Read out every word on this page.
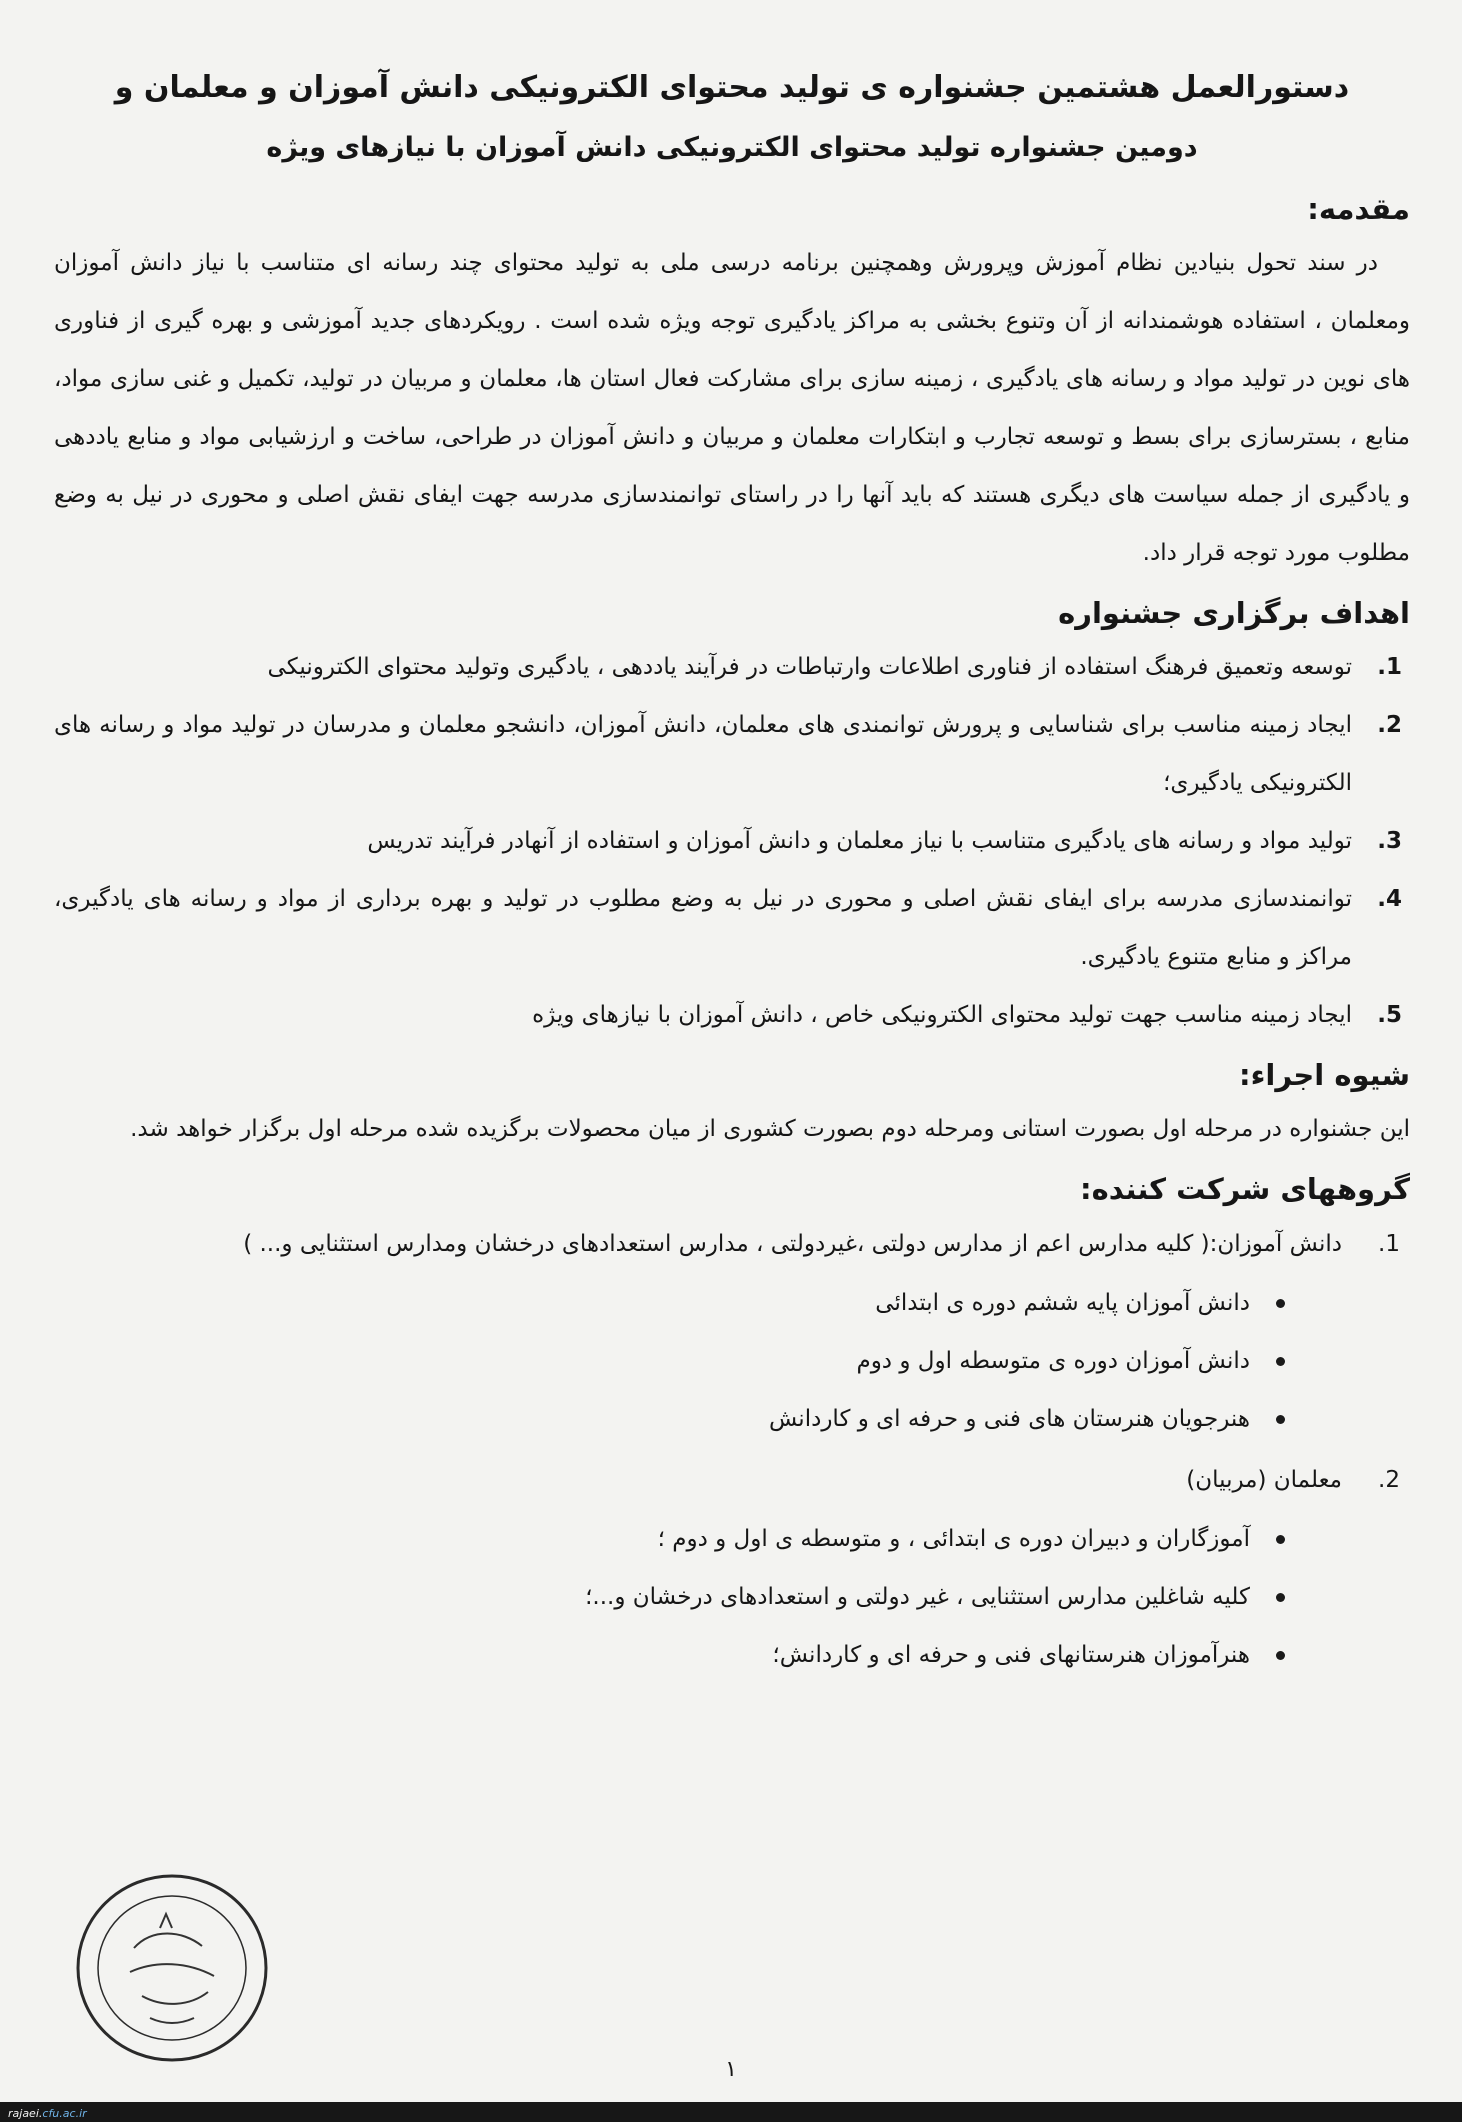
دستورالعمل هشتمین جشنواره ی تولید محتوای الکترونیکی دانش آموزان و معلمان و
دومین جشنواره تولید محتوای الکترونیکی دانش آموزان با نیازهای ویژه
مقدمه:

در سند تحول بنیادین نظام آموزش وپرورش وهمچنین برنامه درسی ملی به تولید محتوای چند رسانه ای متناسب با نیاز دانش آموزان ومعلمان ، استفاده هوشمندانه از آن وتنوع بخشی به مراکز یادگیری توجه ویژه شده است . رویکردهای جدید آموزشی و بهره گیری از فناوری های نوین در تولید مواد و رسانه های یادگیری ، زمینه سازی برای مشارکت فعال استان ها، معلمان و مربیان در تولید، تکمیل و غنی سازی مواد، منابع ، بسترسازی برای بسط و توسعه تجارب و ابتکارات معلمان و مربیان و دانش آموزان در طراحی، ساخت و ارزشیابی مواد و منابع یاددهی و یادگیری از جمله سیاست های دیگری هستند که باید آنها را در راستای توانمندسازی مدرسه جهت ایفای نقش اصلی و محوری در نیل به وضع مطلوب مورد توجه قرار داد.

اهداف برگزاری جشنواره
1.
توسعه وتعمیق فرهنگ استفاده از فناوری اطلاعات وارتباطات در فرآیند یاددهی ، یادگیری وتولید محتوای الکترونیکی
2.
ایجاد زمینه مناسب برای شناسایی و پرورش توانمندی های معلمان، دانش آموزان، دانشجو معلمان و مدرسان در تولید مواد و رسانه های الکترونیکی یادگیری؛
3.
تولید مواد و رسانه های یادگیری متناسب با نیاز معلمان و دانش آموزان و استفاده از آنهادر فرآیند تدریس
4.
توانمندسازی مدرسه برای ایفای نقش اصلی و محوری در نیل به وضع مطلوب در تولید و بهره برداری از مواد و رسانه های یادگیری، مراکز و منابع متنوع یادگیری.
5.
ایجاد زمینه مناسب جهت تولید محتوای الکترونیکی خاص ، دانش آموزان با نیازهای ویژه
شیوه اجراء:

این جشنواره در مرحله اول بصورت استانی ومرحله دوم بصورت کشوری از میان محصولات برگزیده شده مرحله اول برگزار خواهد شد.

گروههای شرکت کننده:
1.
دانش آموزان:( کلیه مدارس اعم از مدارس دولتی ،غیردولتی ، مدارس استعدادهای درخشان ومدارس استثنایی و... )
دانش آموزان پایه ششم دوره ی ابتدائی
دانش آموزان دوره ی متوسطه اول و دوم
هنرجویان هنرستان های فنی و حرفه ای و کاردانش
2.
معلمان (مربیان)
آموزگاران و دبیران دوره ی ابتدائی ، و متوسطه ی اول و دوم ؛
کلیه شاغلین مدارس استثنایی ، غیر دولتی و استعدادهای درخشان و...؛
هنرآموزان هنرستانهای فنی و حرفه ای و کاردانش؛
۱
rajaei.cfu.ac.ir
